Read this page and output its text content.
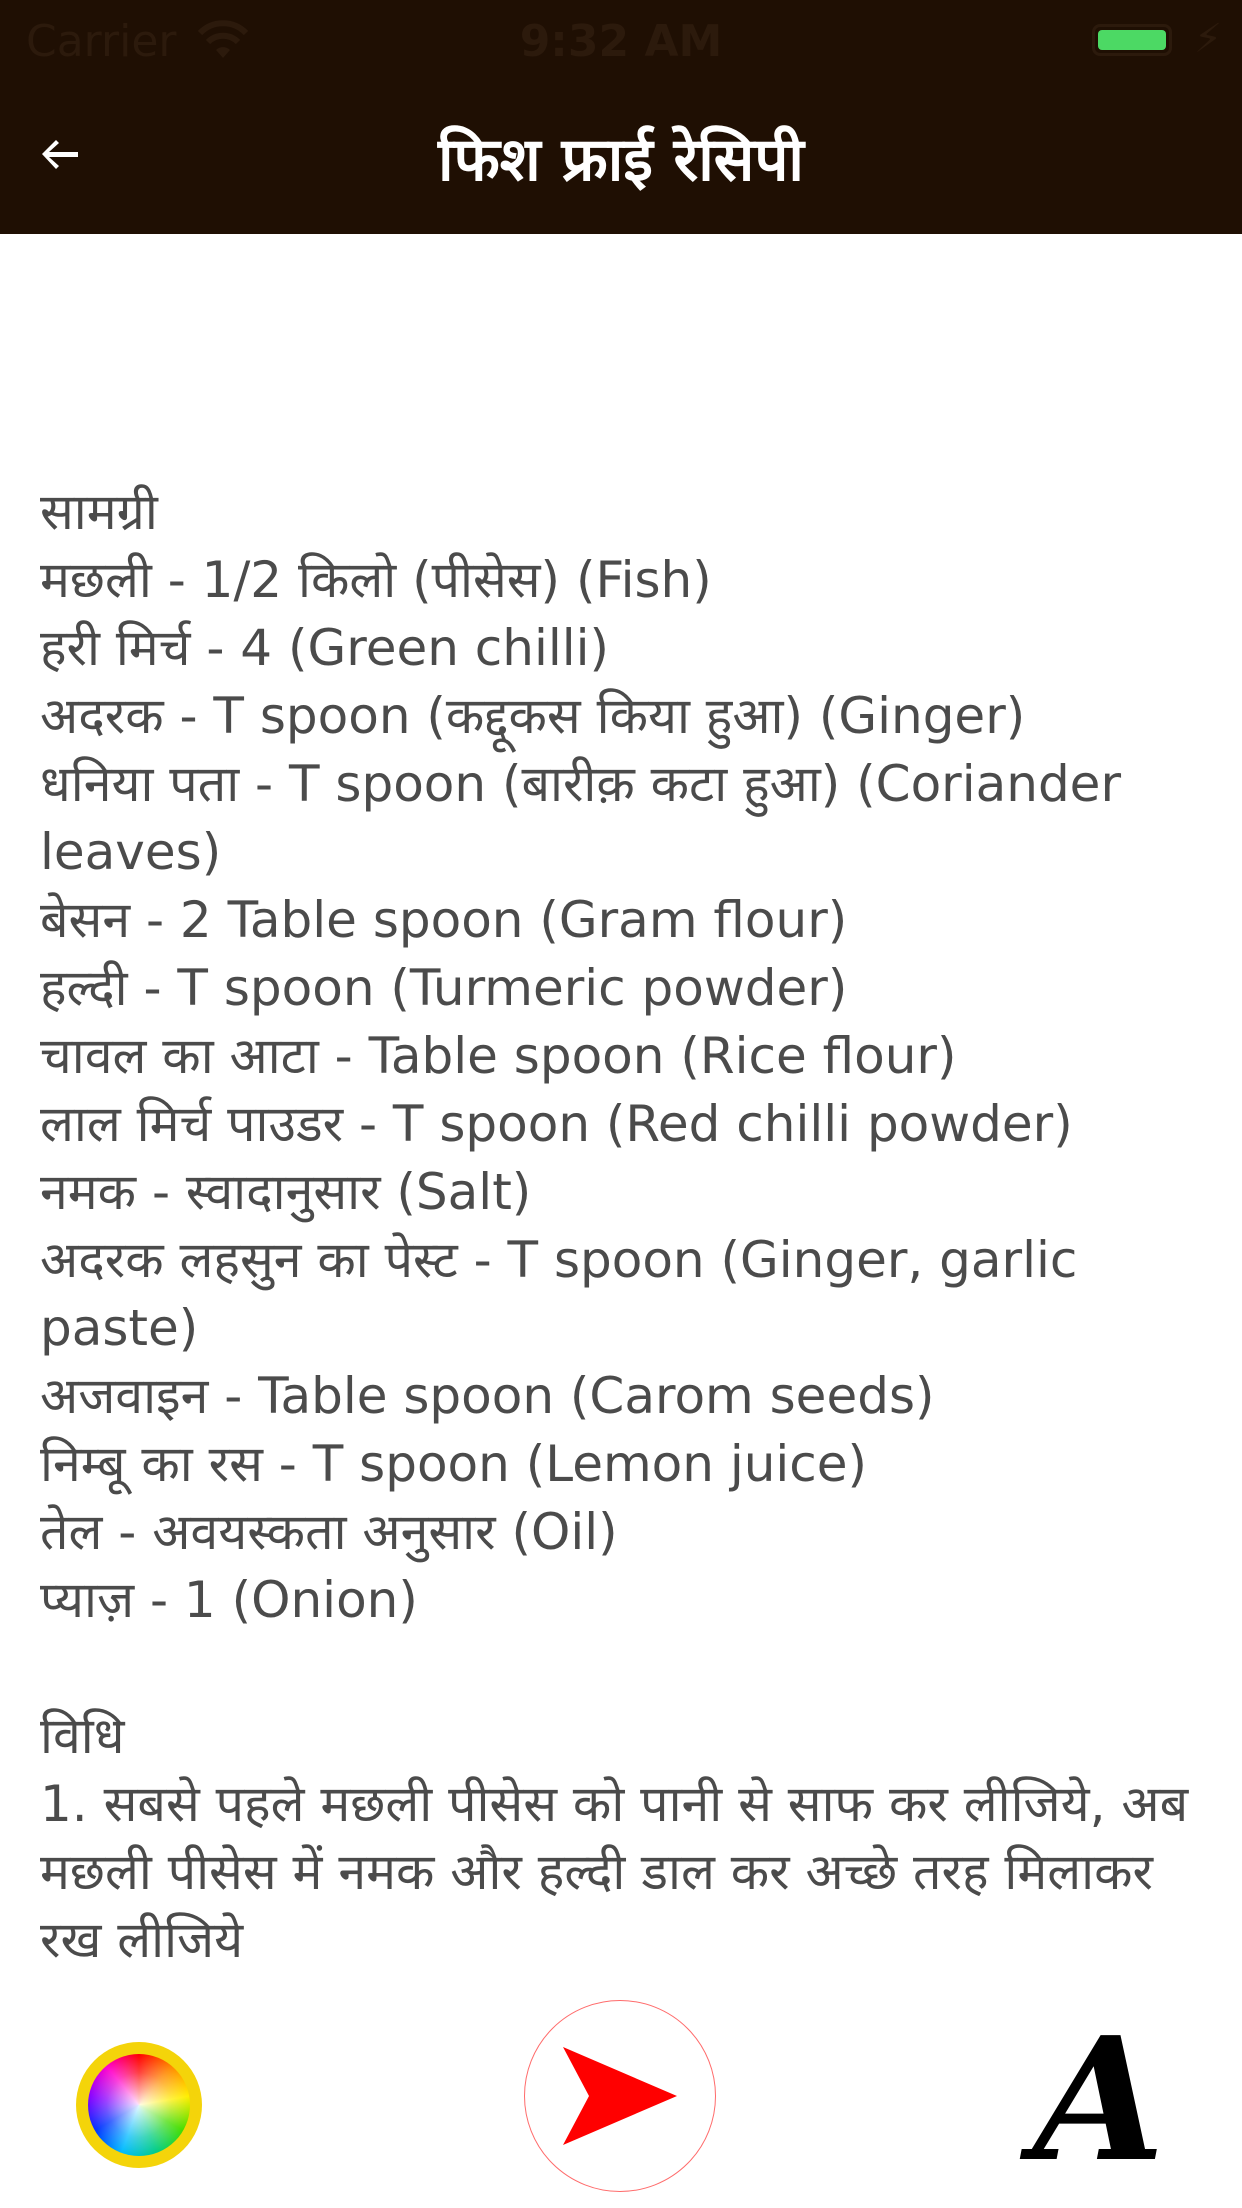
Carrier	9:32 AM	⚡
फिश फ्राई रेसिपी
सामग्री
मछली - 1/2 किलो (पीसेस) (Fish)
हरी मिर्च - 4 (Green chilli)
अदरक - T spoon (कद्दूकस किया हुआ) (Ginger)
धनिया पता - T spoon (बारीक़ कटा हुआ) (Coriander leaves)
बेसन - 2 Table spoon (Gram flour)
हल्दी - T spoon (Turmeric powder)
चावल का आटा - Table spoon (Rice flour)
लाल मिर्च पाउडर - T spoon (Red chilli powder)
नमक - स्वादानुसार (Salt)
अदरक लहसुन का पेस्ट - T spoon (Ginger, garlic paste)
अजवाइन - Table spoon (Carom seeds)
निम्बू का रस - T spoon (Lemon juice)
तेल - अवयस्कता अनुसार (Oil)
प्याज़ - 1 (Onion)
विधि
1. सबसे पहले मछली पीसेस को पानी से साफ कर लीजिये, अब मछली पीसेस में नमक और हल्दी डाल कर अच्छे तरह मिलाकर रख लीजिये
A
